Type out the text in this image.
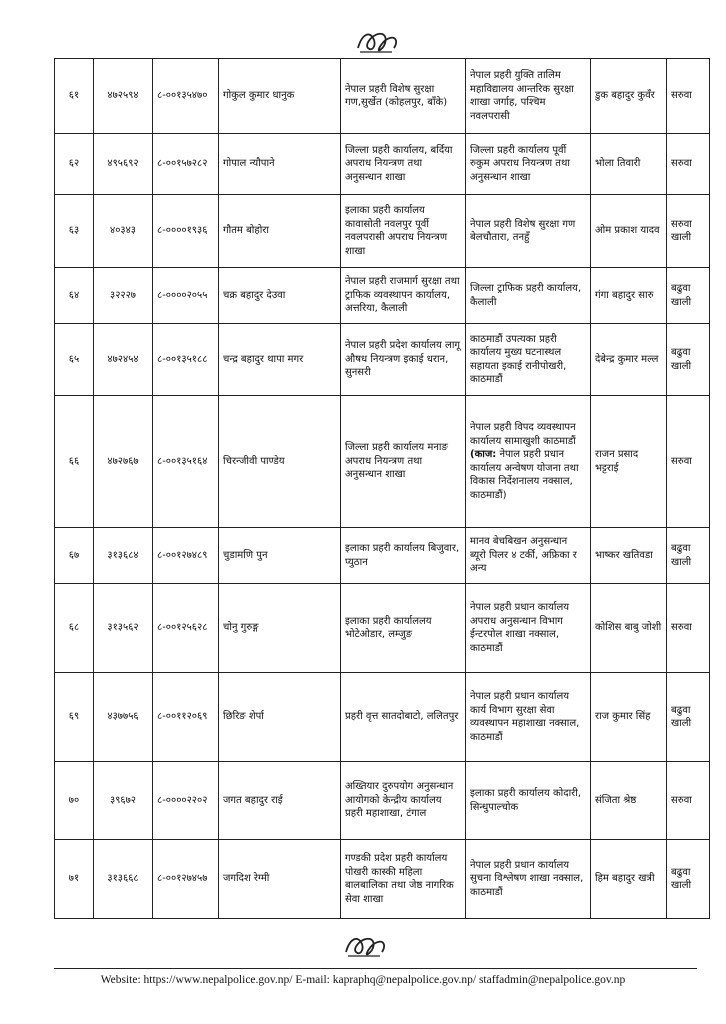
६१	४७२५९४	८-००१३५४७०	गोकुल कुमार धानुक	नेपाल प्रहरी विशेष सुरक्षा गण,सुर्खेत (कोहलपुर, बाँके)	नेपाल प्रहरी युक्ति तालिम महाविद्यालय आन्तरिक सुरक्षा शाखा जर्गाह, पश्चिम नवलपरासी	डुक बहादुर कुवँर	सरुवा
६२	४९५६९२	८-००१५७२८२	गोपाल न्यौपाने	जिल्ला प्रहरी कार्यालय, बर्दिया अपराध नियन्त्रण तथा अनुसन्धान शाखा	जिल्ला प्रहरी कार्यालय पूर्वी रुकुम अपराध नियन्त्रण तथा अनुसन्धान शाखा	भोला तिवारी	सरुवा
६३	४०३४३	८-००००१९३६	गौतम बोहोरा	इलाका प्रहरी कार्यालय कावासोती नवलपुर पूर्वी नवलपरासी अपराध नियन्त्रण शाखा	नेपाल प्रहरी विशेष सुरक्षा गण बेलचौतारा, तनहुँ	ओम प्रकाश यादव	सरुवा खाली
६४	३२२२७	८-००००२०५५	चक्र बहादुर देउवा	नेपाल प्रहरी राजमार्ग सुरक्षा तथा ट्राफिक व्यवस्थापन कार्यालय, अत्तरिया, कैलाली	जिल्ला ट्राफिक प्रहरी कार्यालय, कैलाली	गंगा बहादुर सारु	बढुवा खाली
६५	४७२४५४	८-००१३५१८८	चन्द्र बहादुर थापा मगर	नेपाल प्रहरी प्रदेश कार्यालय लागू औषध नियन्त्रण इकाई धरान, सुनसरी	काठमाडौं उपत्यका प्रहरी कार्यालय मुख्य घटनास्थल सहायता इकाई रानीपोखरी, काठमाडौं	देबेन्द्र कुमार मल्ल	बढुवा खाली
६६	४७२७६७	८-००१३५१६४	चिरन्जीवी पाण्डेय	जिल्ला प्रहरी कार्यालय मनाङ अपराध नियन्त्रण तथा अनुसन्धान शाखा	नेपाल प्रहरी विपद व्यवस्थापन कार्यालय सामाखुशी काठमाडौं (काज: नेपाल प्रहरी प्रधान कार्यालय अन्वेषण योजना तथा विकास निर्देशनालय नक्साल, काठमाडौं)	राजन प्रसाद भट्टराई	सरुवा
६७	३१३६८४	८-००१२७४८९	चुडामणि पुन	इलाका प्रहरी कार्यालय बिजुवार, प्युठान	मानव बेचबिखन अनुसन्धान ब्यूरो पिलर ४ टर्की, अफ्रिका र अन्य	भाष्कर खतिवडा	बढुवा खाली
६८	३१३५६२	८-००१२५६२८	चोनु गुरुङ्ग	इलाका प्रहरी कार्याललय भोटेओडार, लम्जुङ	नेपाल प्रहरी प्रधान कार्यालय अपराध अनुसन्धान विभाग ईन्टरपोल शाखा नक्साल, काठमाडौं	कोशिस बाबु जोशी	सरुवा
६९	४३७७५६	८-००११२०६९	छिरिङ शेर्पा	प्रहरी वृत्त सातदोबाटो, ललितपुर	नेपाल प्रहरी प्रधान कार्यालय कार्य विभाग सुरक्षा सेवा व्यवस्थापन महाशाखा नक्साल, काठमाडौं	राज कुमार सिंह	बढुवा खाली
७०	३९६७२	८-००००२२०२	जगत बहादुर राई	अख्तियार दुरुपयोग अनुसन्धान आयोगको केन्द्रीय कार्यालय प्रहरी महाशाखा, टंगाल	इलाका प्रहरी कार्यालय कोदारी, सिन्धुपाल्चोक	संजिता श्रेष्ठ	सरुवा
७१	३१३६६८	८-००१२७४५७	जगदिश रेग्मी	गण्डकी प्रदेश प्रहरी कार्यालय पोखरी कास्की महिला बालबालिका तथा जेष्ठ नागरिक सेवा शाखा	नेपाल प्रहरी प्रधान कार्यालय सुचना विश्लेषण शाखा नक्साल, काठमाडौं	हिम बहादुर खत्री	बढुवा खाली
Website: https://www.nepalpolice.gov.np/ E-mail: kapraphq@nepalpolice.gov.np/ staffadmin@nepalpolice.gov.np
